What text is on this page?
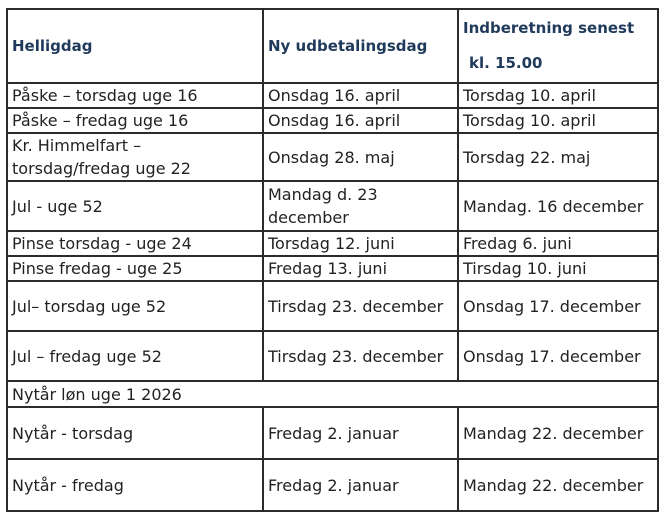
Helligdag	Ny udbetalingsdag	Indberetning senest
kl. 15.00

Påske – torsdag uge 16	Onsdag 16. april	Torsdag 10. april
Påske – fredag uge 16	Onsdag 16. april	Torsdag 10. april

Kr. Himmelfart –
torsdag/fredag uge 22	Onsdag 28. maj	Torsdag 22. maj
Jul - uge 52	Mandag d. 23
december	Mandag. 16 december
Pinse torsdag - uge 24	Torsdag 12. juni	Fredag 6. juni
Pinse fredag - uge 25	Fredag 13. juni	Tirsdag 10. juni
Jul– torsdag uge 52	Tirsdag 23. december	Onsdag 17. december
Jul – fredag uge 52	Tirsdag 23. december	Onsdag 17. december
Nytår løn uge 1 2026		
Nytår - torsdag	Fredag 2. januar	Mandag 22. december
Nytår - fredag	Fredag 2. januar	Mandag 22. december
